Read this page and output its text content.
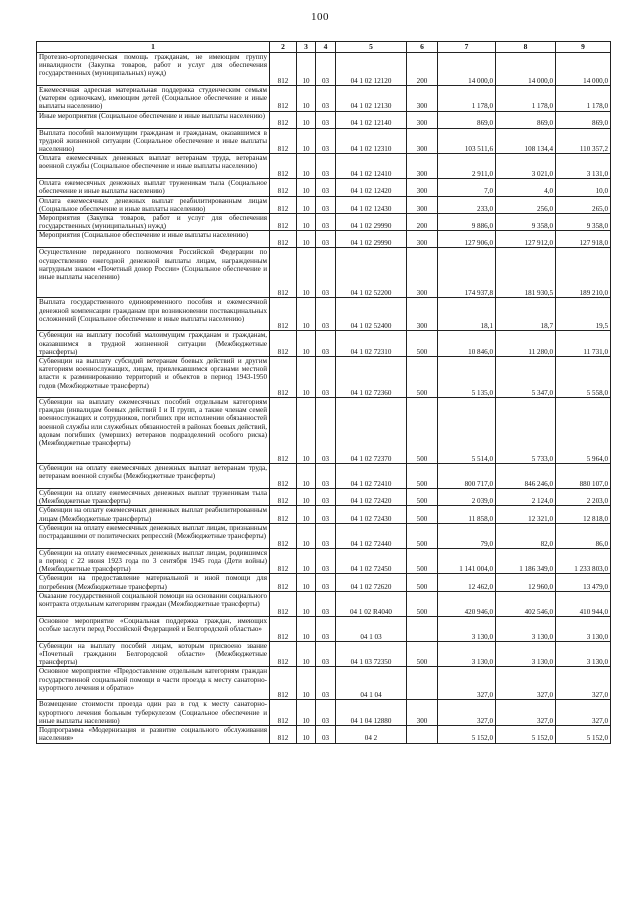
100
1	2	3	4	5	6	7	8	9
Протезно-ортопедическая помощь гражданам, не имеющим группу инвалидности (Закупка товаров, работ и услуг для обеспечения государственных (муниципальных) нужд)	812	10	03	04 1 02 12120	200	14 000,0	14 000,0	14 000,0
Ежемесячная адресная материальная поддержка студенческим семьям (матерям одиночкам), имеющим детей (Социальное обеспечение и иные выплаты населению)	812	10	03	04 1 02 12130	300	1 178,0	1 178,0	1 178,0
Иные мероприятия (Социальное обеспечение и иные выплаты населению)	812	10	03	04 1 02 12140	300	869,0	869,0	869,0
Выплата пособий малоимущим гражданам и гражданам, оказавшимся в трудной жизненной ситуации (Социальное обеспечение и иные выплаты населению)	812	10	03	04 1 02 12310	300	103 511,6	108 134,4	110 357,2
Оплата ежемесячных денежных выплат ветеранам труда, ветеранам военной службы (Социальное обеспечение и иные выплаты населению)	812	10	03	04 1 02 12410	300	2 911,0	3 021,0	3 131,0
Оплата ежемесячных денежных выплат труженикам тыла (Социальное обеспечение и иные выплаты населению)	812	10	03	04 1 02 12420	300	7,0	4,0	10,0
Оплата ежемесячных денежных выплат реабилитированным лицам (Социальное обеспечение и иные выплаты населению)	812	10	03	04 1 02 12430	300	233,0	256,0	265,0
Мероприятия (Закупка товаров, работ и услуг для обеспечения государственных (муниципальных) нужд)	812	10	03	04 1 02 29990	200	9 886,0	9 358,0	9 358,0
Мероприятия (Социальное обеспечение и иные выплаты населению)	812	10	03	04 1 02 29990	300	127 906,0	127 912,0	127 918,0
Осуществление переданного полномочия Российской Федерации по осуществлению ежегодной денежной выплаты лицам, награжденным нагрудным знаком «Почетный донор России» (Социальное обеспечение и иные выплаты населению)	812	10	03	04 1 02 52200	300	174 937,8	181 930,5	189 210,0
Выплата государственного единовременного пособия и ежемесячной денежной компенсации гражданам при возникновении поствакцинальных осложнений (Социальное обеспечение и иные выплаты населению)	812	10	03	04 1 02 52400	300	18,1	18,7	19,5
Субвенции на выплату пособий малоимущим гражданам и гражданам, оказавшимся в трудной жизненной ситуации (Межбюджетные трансферты)	812	10	03	04 1 02 72310	500	10 846,0	11 280,0	11 731,0
Субвенции на выплату субсидий ветеранам боевых действий и другим категориям военнослужащих, лицам, привлекавшимся органами местной власти к разминированию территорий и объектов в период 1943-1950 годов (Межбюджетные трансферты)	812	10	03	04 1 02 72360	500	5 135,0	5 347,0	5 558,0
Субвенции на выплату ежемесячных пособий отдельным категориям граждан (инвалидам боевых действий I и II групп, а также членам семей военнослужащих и сотрудников, погибших при исполнении обязанностей военной службы или служебных обязанностей в районах боевых действий, вдовам погибших (умерших) ветеранов подразделений особого риска) (Межбюджетные трансферты)	812	10	03	04 1 02 72370	500	5 514,0	5 733,0	5 964,0
Субвенции на оплату ежемесячных денежных выплат ветеранам труда, ветеранам военной службы (Межбюджетные трансферты)	812	10	03	04 1 02 72410	500	800 717,0	846 246,0	880 107,0
Субвенции на оплату ежемесячных денежных выплат труженикам тыла (Межбюджетные трансферты)	812	10	03	04 1 02 72420	500	2 039,0	2 124,0	2 203,0
Субвенции на оплату ежемесячных денежных выплат реабилитированным лицам (Межбюджетные трансферты)	812	10	03	04 1 02 72430	500	11 858,0	12 321,0	12 818,0
Субвенции на оплату ежемесячных денежных выплат лицам, признанным пострадавшими от политических репрессий (Межбюджетные трансферты)	812	10	03	04 1 02 72440	500	79,0	82,0	86,0
Субвенции на оплату ежемесячных денежных выплат лицам, родившимся в период с 22 июня 1923 года по 3 сентября 1945 года (Дети войны) (Межбюджетные трансферты)	812	10	03	04 1 02 72450	500	1 141 004,0	1 186 349,0	1 233 803,0
Субвенции на предоставление материальной и иной помощи для погребения (Межбюджетные трансферты)	812	10	03	04 1 02 72620	500	12 462,0	12 960,0	13 479,0
Оказание государственной социальной помощи на основании социального контракта отдельным категориям граждан (Межбюджетные трансферты)	812	10	03	04 1 02 R4040	500	420 946,0	402 546,0	410 944,0
Основное мероприятие «Социальная поддержка граждан, имеющих особые заслуги перед Российской Федерацией и Белгородской областью»	812	10	03	04 1 03		3 130,0	3 130,0	3 130,0
Субвенции на выплату пособий лицам, которым присвоено звание «Почетный гражданин Белгородской области» (Межбюджетные трансферты)	812	10	03	04 1 03 72350	500	3 130,0	3 130,0	3 130,0
Основное мероприятие «Предоставление отдельным категориям граждан государственной социальной помощи в части проезда к месту санаторно-курортного лечения и обратно»	812	10	03	04 1 04		327,0	327,0	327,0
Возмещение стоимости проезда один раз в год к месту санаторно-курортного лечения больным туберкулезом (Социальное обеспечение и иные выплаты населению)	812	10	03	04 1 04 12880	300	327,0	327,0	327,0
Подпрограмма «Модернизация и развитие социального обслуживания населения»	812	10	03	04 2		5 152,0	5 152,0	5 152,0
